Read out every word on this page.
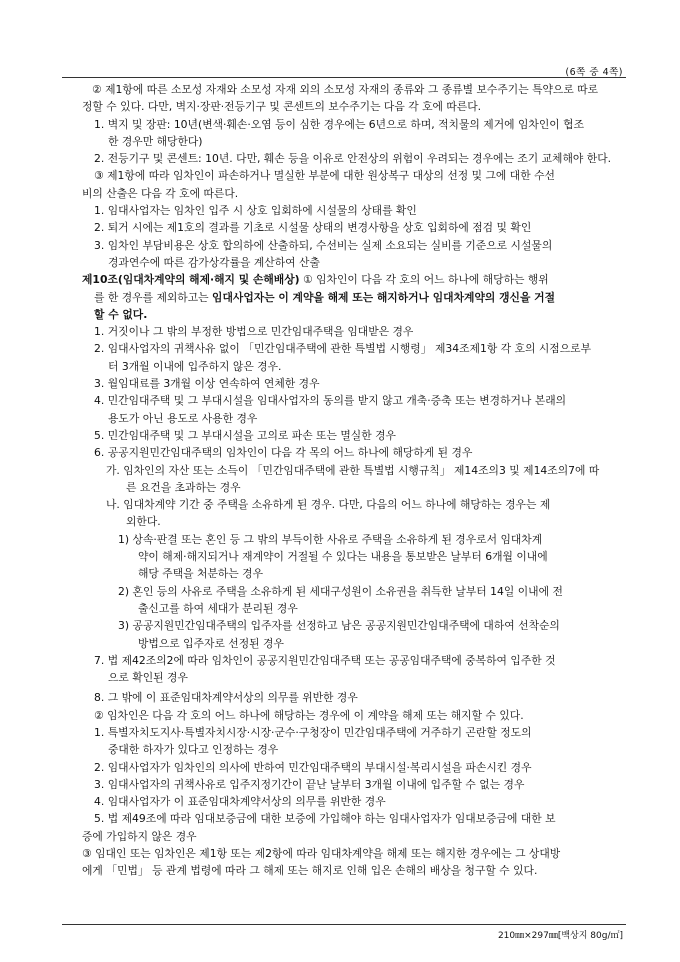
(6쪽 중 4쪽)
② 제1항에 따른 소모성 자재와 소모성 자재 외의 소모성 자재의 종류와 그 종류별 보수주기는 특약으로 따로
정할 수 있다. 다만, 벽지·장판·전등기구 및 콘센트의 보수주기는 다음 각 호에 따른다.
1. 벽지 및 장판: 10년(변색·훼손·오염 등이 심한 경우에는 6년으로 하며, 적치물의 제거에 임차인이 협조
한 경우만 해당한다)
2. 전등기구 및 콘센트: 10년. 다만, 훼손 등을 이유로 안전상의 위험이 우려되는 경우에는 조기 교체해야 한다.
③ 제1항에 따라 임차인이 파손하거나 멸실한 부분에 대한 원상복구 대상의 선정 및 그에 대한 수선
비의 산출은 다음 각 호에 따른다.
1. 임대사업자는 임차인 입주 시 상호 입회하에 시설물의 상태를 확인
2. 퇴거 시에는 제1호의 결과를 기초로 시설물 상태의 변경사항을 상호 입회하에 점검 및 확인
3. 임차인 부담비용은 상호 합의하에 산출하되, 수선비는 실제 소요되는 실비를 기준으로 시설물의
경과연수에 따른 감가상각률을 계산하여 산출
제10조(임대차계약의 해제·해지 및 손해배상) ① 임차인이 다음 각 호의 어느 하나에 해당하는 행위
를 한 경우를 제외하고는 임대사업자는 이 계약을 해제 또는 해지하거나 임대차계약의 갱신을 거절
할 수 없다.
1. 거짓이나 그 밖의 부정한 방법으로 민간임대주택을 임대받은 경우
2. 임대사업자의 귀책사유 없이 「민간임대주택에 관한 특별법 시행령」 제34조제1항 각 호의 시점으로부
터 3개월 이내에 입주하지 않은 경우.
3. 월임대료를 3개월 이상 연속하여 연체한 경우
4. 민간임대주택 및 그 부대시설을 임대사업자의 동의를 받지 않고 개축·증축 또는 변경하거나 본래의
용도가 아닌 용도로 사용한 경우
5. 민간임대주택 및 그 부대시설을 고의로 파손 또는 멸실한 경우
6. 공공지원민간임대주택의 임차인이 다음 각 목의 어느 하나에 해당하게 된 경우
가. 임차인의 자산 또는 소득이 「민간임대주택에 관한 특별법 시행규칙」 제14조의3 및 제14조의7에 따
른 요건을 초과하는 경우
나. 임대차계약 기간 중 주택을 소유하게 된 경우. 다만, 다음의 어느 하나에 해당하는 경우는 제
외한다.
1) 상속·판결 또는 혼인 등 그 밖의 부득이한 사유로 주택을 소유하게 된 경우로서 임대차계
약이 해제·해지되거나 재계약이 거절될 수 있다는 내용을 통보받은 날부터 6개월 이내에
해당 주택을 처분하는 경우
2) 혼인 등의 사유로 주택을 소유하게 된 세대구성원이 소유권을 취득한 날부터 14일 이내에 전
출신고를 하여 세대가 분리된 경우
3) 공공지원민간임대주택의 입주자를 선정하고 남은 공공지원민간임대주택에 대하여 선착순의
방법으로 입주자로 선정된 경우
7. 법 제42조의2에 따라 임차인이 공공지원민간임대주택 또는 공공임대주택에 중복하여 입주한 것
으로 확인된 경우
8. 그 밖에 이 표준임대차계약서상의 의무를 위반한 경우
② 임차인은 다음 각 호의 어느 하나에 해당하는 경우에 이 계약을 해제 또는 해지할 수 있다.
1. 특별자치도지사·특별자치시장·시장·군수·구청장이 민간임대주택에 거주하기 곤란할 정도의
중대한 하자가 있다고 인정하는 경우
2. 임대사업자가 임차인의 의사에 반하여 민간임대주택의 부대시설·복리시설을 파손시킨 경우
3. 임대사업자의 귀책사유로 입주지정기간이 끝난 날부터 3개월 이내에 입주할 수 없는 경우
4. 임대사업자가 이 표준임대차계약서상의 의무를 위반한 경우
5. 법 제49조에 따라 임대보증금에 대한 보증에 가입해야 하는 임대사업자가 임대보증금에 대한 보
증에 가입하지 않은 경우
③ 임대인 또는 임차인은 제1항 또는 제2항에 따라 임대차계약을 해제 또는 해지한 경우에는 그 상대방
에게 「민법」 등 관계 법령에 따라 그 해제 또는 해지로 인해 입은 손해의 배상을 청구할 수 있다.
210㎜×297㎜[백상지 80g/㎡]
